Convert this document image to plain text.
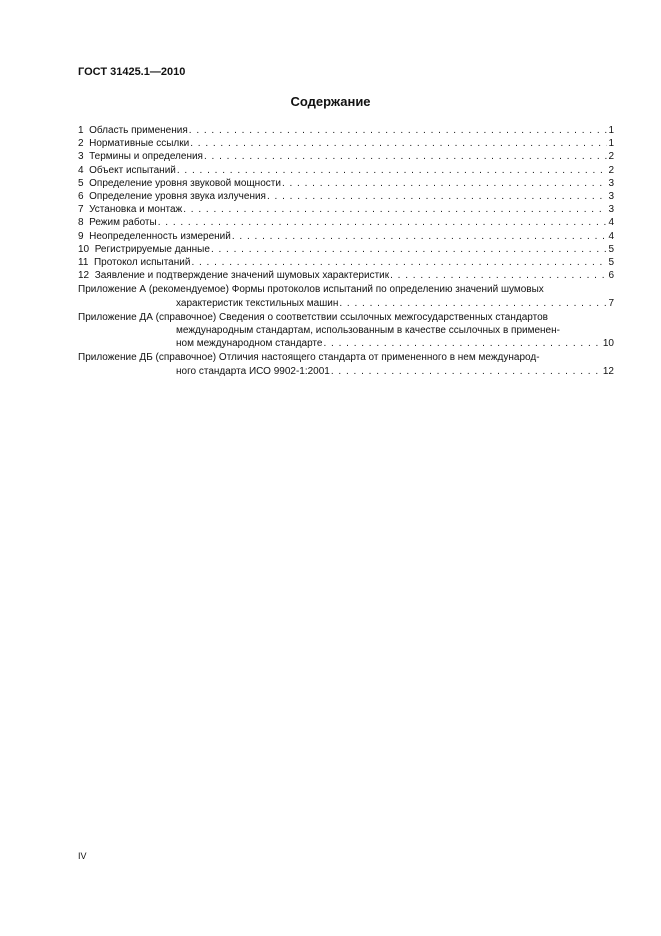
ГОСТ 31425.1—2010
Содержание
1 Область применения . . .	1
2 Нормативные ссылки . . .	1
3 Термины и определения . . .	2
4 Объект испытаний . . .	2
5 Определение уровня звуковой мощности . . .	3
6 Определение уровня звука излучения . . .	3
7 Установка и монтаж . . .	3
8 Режим работы . . .	4
9 Неопределенность измерений . . .	4
10 Регистрируемые данные . . .	5
11 Протокол испытаний . . .	5
12 Заявление и подтверждение значений шумовых характеристик . . .	6
Приложение А (рекомендуемое) Формы протоколов испытаний по определению значений шумовых
характеристик текстильных машин . . .	7
Приложение ДА (справочное) Сведения о соответствии ссылочных межгосударственных стандартов
международным стандартам, использованным в качестве ссылочных в применен-
ном международном стандарте . . .	10
Приложение ДБ (справочное) Отличия настоящего стандарта от примененного в нем международ-
ного стандарта ИСО 9902-1:2001 . . .	12
IV
